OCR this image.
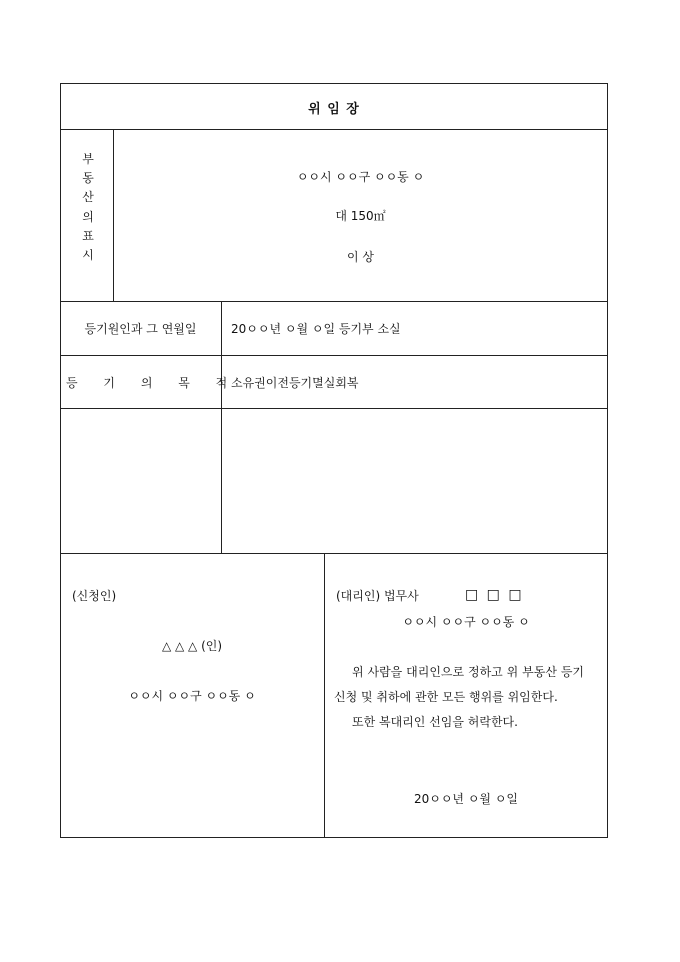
위 임 장
부
동
산
의
표
시
ㅇㅇ시 ㅇㅇ구 ㅇㅇ동 ㅇ
대 150㎡
이 상
등기원인과 그 연월일	20ㅇㅇ년 ㅇ월 ㅇ일 등기부 소실
등 기 의 목 적
소유권이전등기멸실회복
(신청인)
△ △ △ (인)
ㅇㅇ시 ㅇㅇ구 ㅇㅇ동 ㅇ
(대리인) 법무사	□ □ □
ㅇㅇ시 ㅇㅇ구 ㅇㅇ동 ㅇ

위 사람을 대리인으로 정하고 위 부동산 등기신청 및 취하에 관한 모든 행위를 위임한다.

또한 복대리인 선임을 허락한다.

20ㅇㅇ년 ㅇ월 ㅇ일
